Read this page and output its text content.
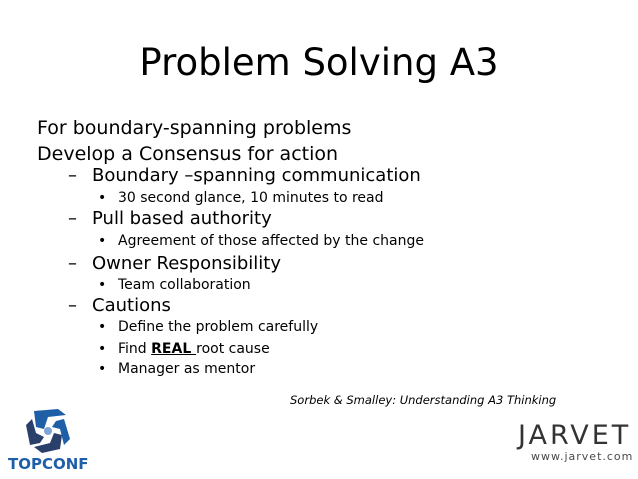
Problem Solving A3
For boundary-spanning problems
Develop a Consensus for action
– Boundary –spanning communication
• 30 second glance, 10 minutes to read
– Pull based authority
• Agreement of those affected by the change
– Owner Responsibility
• Team collaboration
– Cautions
• Define the problem carefully
• Find REAL root cause
• Manager as mentor
Sorbek & Smalley: Understanding A3 Thinking
TOPCONF
JARVET
www.jarvet.com
